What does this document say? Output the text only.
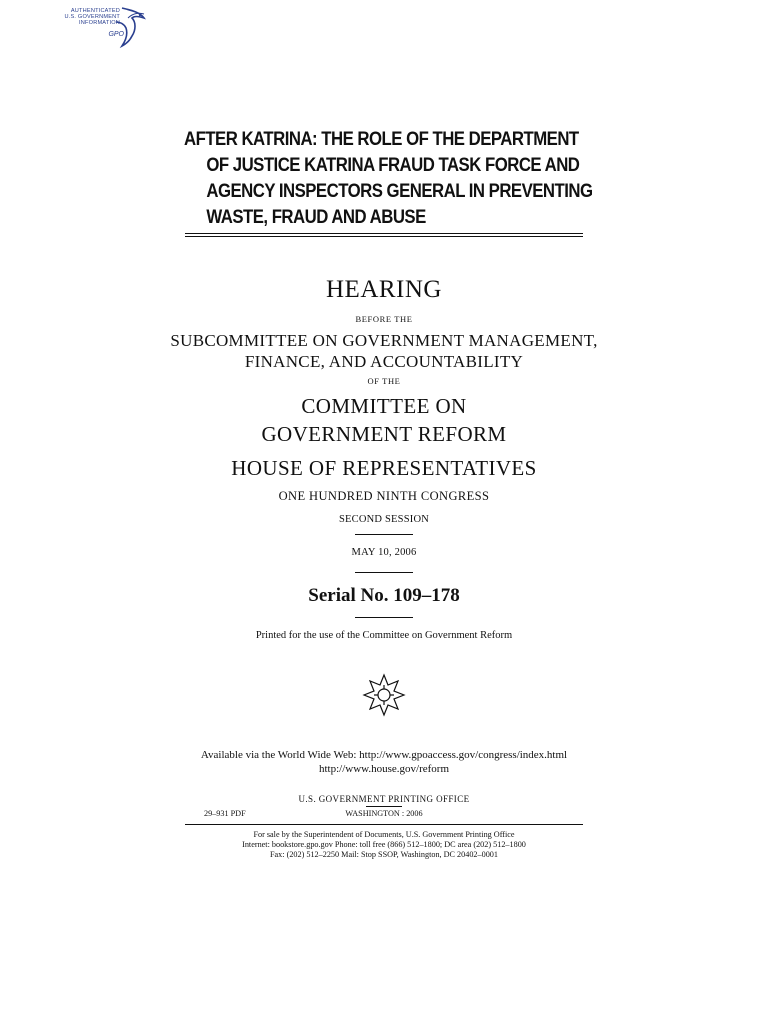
AUTHENTICATED
U.S. GOVERNMENT
INFORMATION
GPO
AFTER KATRINA: THE ROLE OF THE DEPARTMENT
OF JUSTICE KATRINA FRAUD TASK FORCE AND
AGENCY INSPECTORS GENERAL IN PREVENTING
WASTE, FRAUD AND ABUSE
HEARING
BEFORE THE
SUBCOMMITTEE ON GOVERNMENT MANAGEMENT,
FINANCE, AND ACCOUNTABILITY
OF THE
COMMITTEE ON
GOVERNMENT REFORM
HOUSE OF REPRESENTATIVES
ONE HUNDRED NINTH CONGRESS
SECOND SESSION
MAY 10, 2006
Serial No. 109–178
Printed for the use of the Committee on Government Reform
Available via the World Wide Web: http://www.gpoaccess.gov/congress/index.html
http://www.house.gov/reform
U.S. GOVERNMENT PRINTING OFFICE
29–931 PDF	WASHINGTON : 2006
For sale by the Superintendent of Documents, U.S. Government Printing Office
Internet: bookstore.gpo.gov Phone: toll free (866) 512–1800; DC area (202) 512–1800
Fax: (202) 512–2250 Mail: Stop SSOP, Washington, DC 20402–0001
